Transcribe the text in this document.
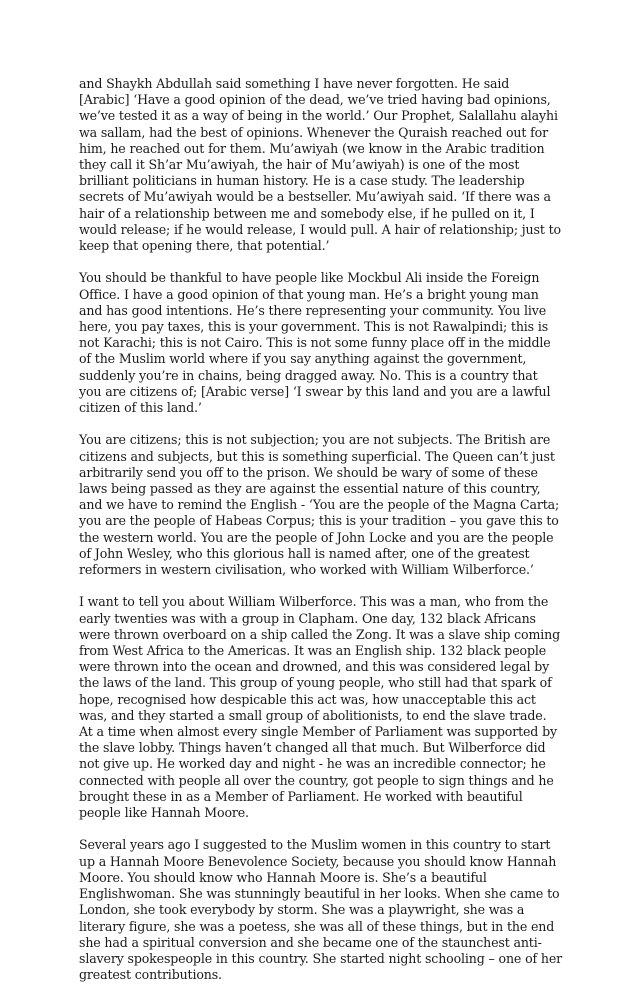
and Shaykh Abdullah said something I have never forgotten. He said [Arabic] ‘Have a good opinion of the dead, we’ve tried having bad opinions, we’ve tested it as a way of being in the world.’ Our Prophet, Salallahu alayhi wa sallam, had the best of opinions. Whenever the Quraish reached out for him, he reached out for them. Mu’awiyah (we know in the Arabic tradition they call it Sh’ar Mu’awiyah, the hair of Mu’awiyah) is one of the most brilliant politicians in human history. He is a case study. The leadership secrets of Mu’awiyah would be a bestseller. Mu’awiyah said. ‘If there was a hair of a relationship between me and somebody else, if he pulled on it, I would release; if he would release, I would pull. A hair of relationship; just to keep that opening there, that potential.’

You should be thankful to have people like Mockbul Ali inside the Foreign Office. I have a good opinion of that young man. He’s a bright young man and has good intentions. He’s there representing your community. You live here, you pay taxes, this is your government. This is not Rawalpindi; this is not Karachi; this is not Cairo. This is not some funny place off in the middle of the Muslim world where if you say anything against the government, suddenly you’re in chains, being dragged away. No. This is a country that you are citizens of; [Arabic verse] ‘I swear by this land and you are a lawful citizen of this land.’

You are citizens; this is not subjection; you are not subjects. The British are citizens and subjects, but this is something superficial. The Queen can’t just arbitrarily send you off to the prison. We should be wary of some of these laws being passed as they are against the essential nature of this country, and we have to remind the English - ‘You are the people of the Magna Carta; you are the people of Habeas Corpus; this is your tradition – you gave this to the western world. You are the people of John Locke and you are the people of John Wesley, who this glorious hall is named after, one of the greatest reformers in western civilisation, who worked with William Wilberforce.’

I want to tell you about William Wilberforce. This was a man, who from the early twenties was with a group in Clapham. One day, 132 black Africans were thrown overboard on a ship called the Zong. It was a slave ship coming from West Africa to the Americas. It was an English ship. 132 black people were thrown into the ocean and drowned, and this was considered legal by the laws of the land. This group of young people, who still had that spark of hope, recognised how despicable this act was, how unacceptable this act was, and they started a small group of abolitionists, to end the slave trade. At a time when almost every single Member of Parliament was supported by the slave lobby. Things haven’t changed all that much. But Wilberforce did not give up. He worked day and night - he was an incredible connector; he connected with people all over the country, got people to sign things and he brought these in as a Member of Parliament. He worked with beautiful people like Hannah Moore.

Several years ago I suggested to the Muslim women in this country to start up a Hannah Moore Benevolence Society, because you should know Hannah Moore. You should know who Hannah Moore is. She’s a beautiful Englishwoman. She was stunningly beautiful in her looks. When she came to London, she took everybody by storm. She was a playwright, she was a literary figure, she was a poetess, she was all of these things, but in the end she had a spiritual conversion and she became one of the staunchest anti-slavery spokespeople in this country. She started night schooling – one of her greatest contributions.
